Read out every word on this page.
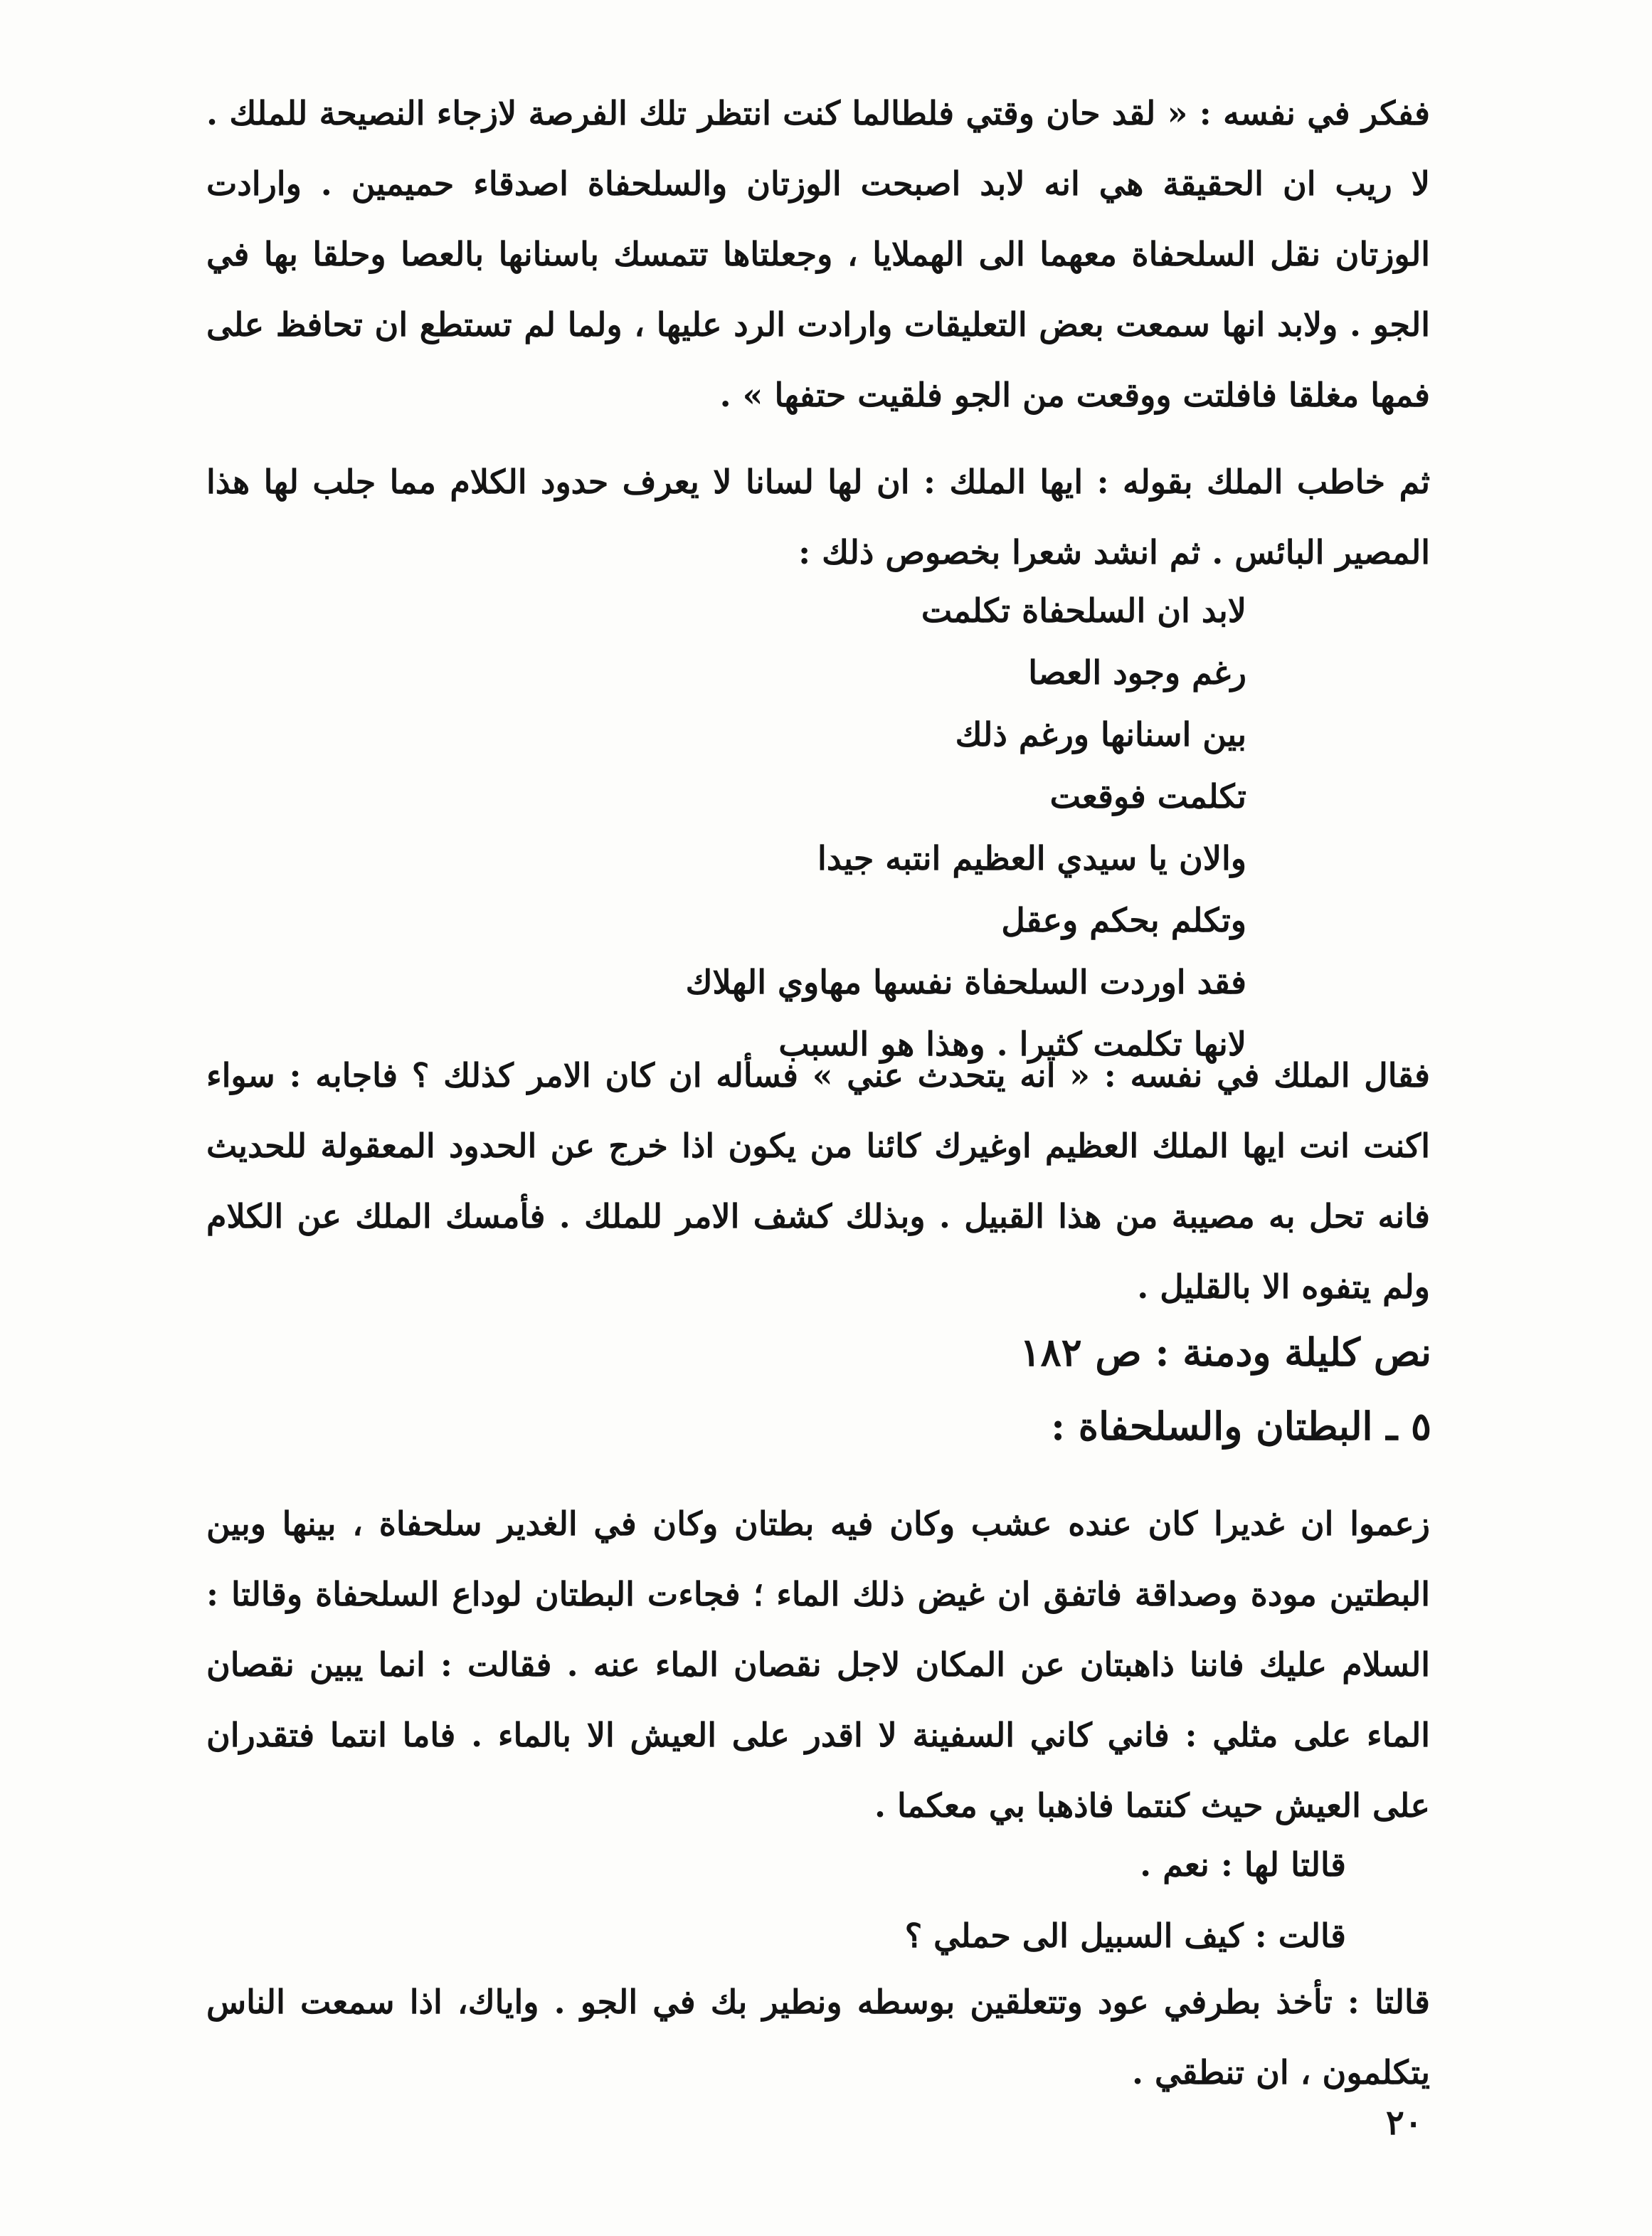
ففكر في نفسه : « لقد حان وقتي فلطالما كنت انتظر تلك الفرصة لازجاء النصيحة للملك . لا ريب ان الحقيقة هي انه لابد اصبحت الوزتان والسلحفاة اصدقاء حميمين . وارادت الوزتان نقل السلحفاة معهما الى الهملايا ، وجعلتاها تتمسك باسنانها بالعصا وحلقا بها في الجو . ولابد انها سمعت بعض التعليقات وارادت الرد عليها ، ولما لم تستطع ان تحافظ على فمها مغلقا فافلتت ووقعت من الجو فلقيت حتفها » .

ثم خاطب الملك بقوله : ايها الملك : ان لها لسانا لا يعرف حدود الكلام مما جلب لها هذا المصير البائس . ثم انشد شعرا بخصوص ذلك :

لابد ان السلحفاة تكلمت
رغم وجود العصا
بين اسنانها ورغم ذلك
تكلمت فوقعت
والان يا سيدي العظيم انتبه جيدا
وتكلم بحكم وعقل
فقد اوردت السلحفاة نفسها مهاوي الهلاك
لانها تكلمت كثيرا . وهذا هو السبب

فقال الملك في نفسه : « انه يتحدث عني » فسأله ان كان الامر كذلك ؟ فاجابه : سواء اكنت انت ايها الملك العظيم اوغيرك كائنا من يكون اذا خرج عن الحدود المعقولة للحديث فانه تحل به مصيبة من هذا القبيل . وبذلك كشف الامر للملك . فأمسك الملك عن الكلام ولم يتفوه الا بالقليل .

نص كليلة ودمنة : ص ١٨٢
٥ ـ البطتان والسلحفاة :

زعموا ان غديرا كان عنده عشب وكان فيه بطتان وكان في الغدير سلحفاة ، بينها وبين البطتين مودة وصداقة فاتفق ان غيض ذلك الماء ؛ فجاءت البطتان لوداع السلحفاة وقالتا : السلام عليك فاننا ذاهبتان عن المكان لاجل نقصان الماء عنه . فقالت : انما يبين نقصان الماء على مثلي : فاني كاني السفينة لا اقدر على العيش الا بالماء . فاما انتما فتقدران على العيش حيث كنتما فاذهبا بي معكما .

قالتا لها : نعم .

قالت : كيف السبيل الى حملي ؟

قالتا : تأخذ بطرفي عود وتتعلقين بوسطه ونطير بك في الجو . واياك، اذا سمعت الناس يتكلمون ، ان تنطقي .

٢٠
